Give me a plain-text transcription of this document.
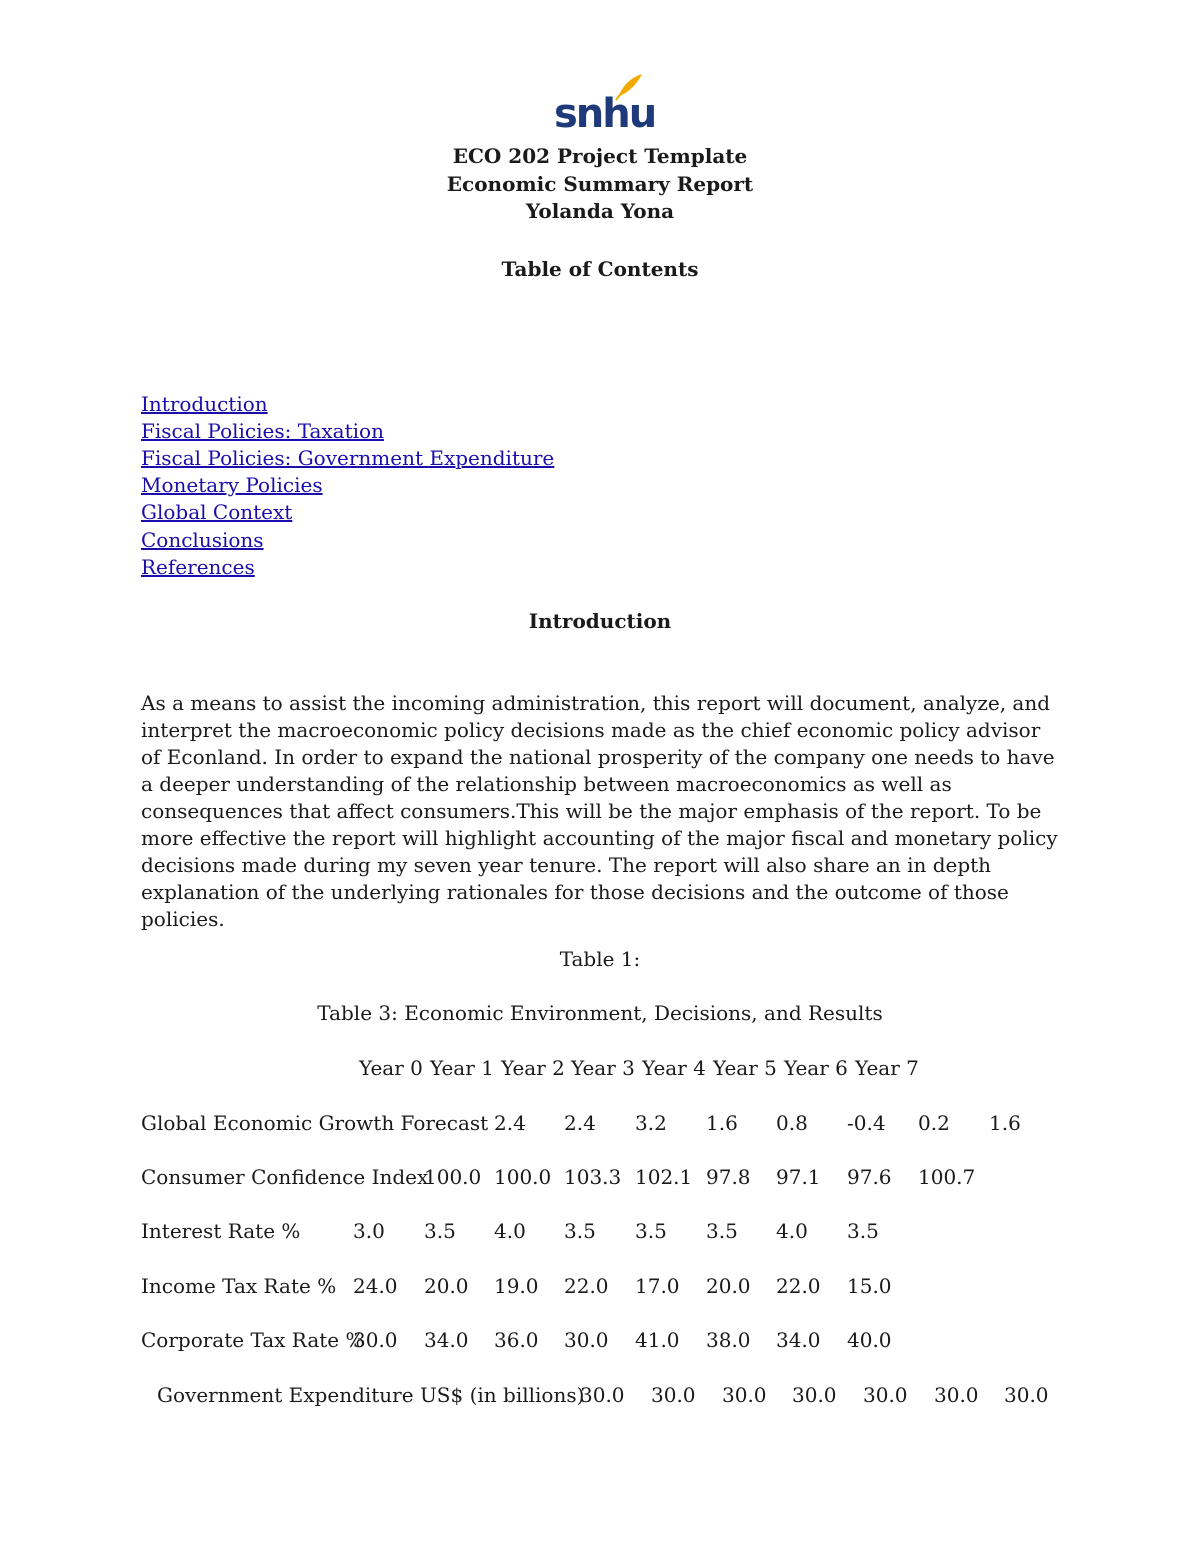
snhu
ECO 202 Project Template
Economic Summary Report
Yolanda Yona
Table of Contents
Introduction
Fiscal Policies: Taxation
Fiscal Policies: Government Expenditure
Monetary Policies
Global Context
Conclusions
References
Introduction
As a means to assist the incoming administration, this report will document, analyze, and interpret the macroeconomic policy decisions made as the chief economic policy advisor of Econland. In order to expand the national prosperity of the company one needs to have a deeper understanding of the relationship between macroeconomics as well as consequences that affect consumers.This will be the major emphasis of the report. To be more effective the report will highlight accounting of the major fiscal and monetary policy decisions made during my seven year tenure. The report will also share an in depth explanation of the underlying rationales for those decisions and the outcome of those policies.
Table 1:
Table 3: Economic Environment, Decisions, and Results
Year 0 Year 1 Year 2 Year 3 Year 4 Year 5 Year 6 Year 7
Global Economic Growth Forecast 2.4 2.4 3.2 1.6 0.8 -0.4 0.2 1.6
Consumer Confidence Index
100.0 100.0 103.3 102.1 97.8 97.1 97.6 100.7
Interest Rate %	3.0 3.5 4.0 3.5 3.5 3.5 4.0 3.5
Income Tax Rate % 24.0 20.0 19.0 22.0 17.0 20.0 22.0 15.0
Corporate Tax Rate %
30.0 34.0 36.0 30.0 41.0 38.0 34.0 40.0
Government Expenditure US$ (in billions)
30.0 30.0 30.0 30.0 30.0 30.0 30.0
